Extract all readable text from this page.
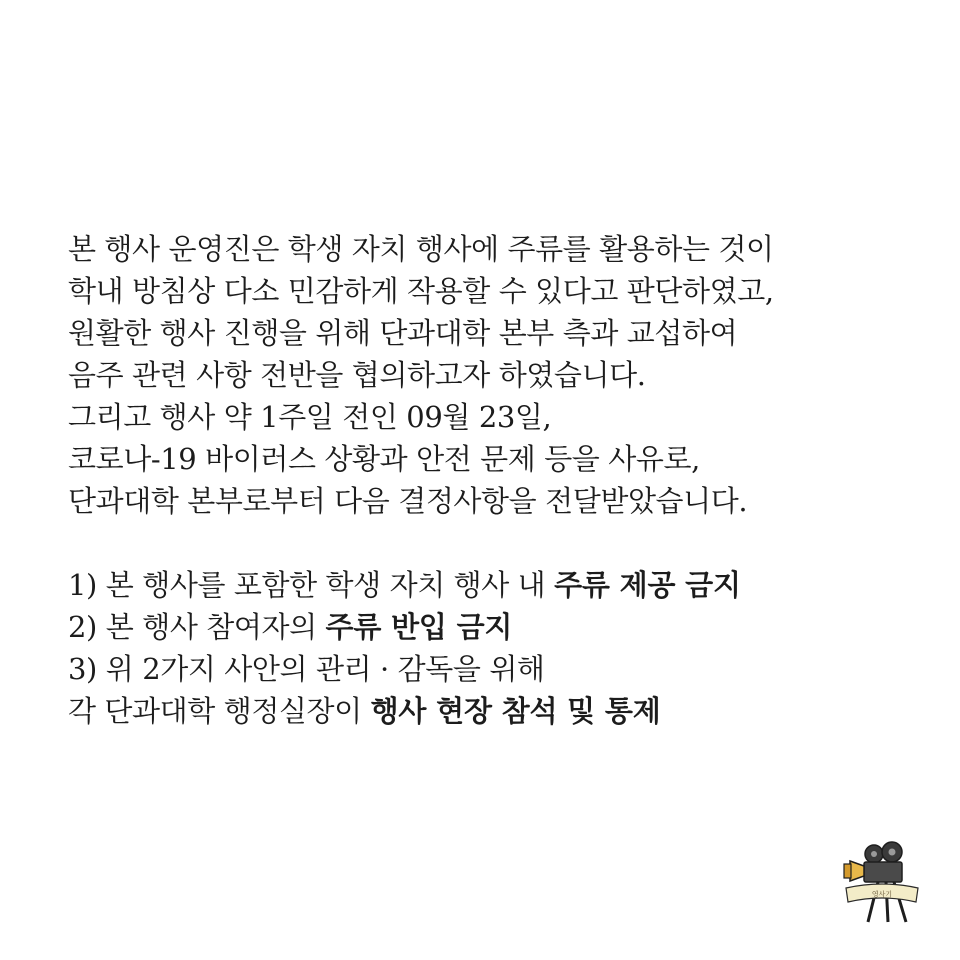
본 행사 운영진은 학생 자치 행사에 주류를 활용하는 것이
학내 방침상 다소 민감하게 작용할 수 있다고 판단하였고,
원활한 행사 진행을 위해 단과대학 본부 측과 교섭하여
음주 관련 사항 전반을 협의하고자 하였습니다.
그리고 행사 약 1주일 전인 09월 23일,
코로나-19 바이러스 상황과 안전 문제 등을 사유로,
단과대학 본부로부터 다음 결정사항을 전달받았습니다.
1) 본 행사를 포함한 학생 자치 행사 내 주류 제공 금지
2) 본 행사 참여자의 주류 반입 금지
3) 위 2가지 사안의 관리 · 감독을 위해
각 단과대학 행정실장이 행사 현장 참석 및 통제
영사기
